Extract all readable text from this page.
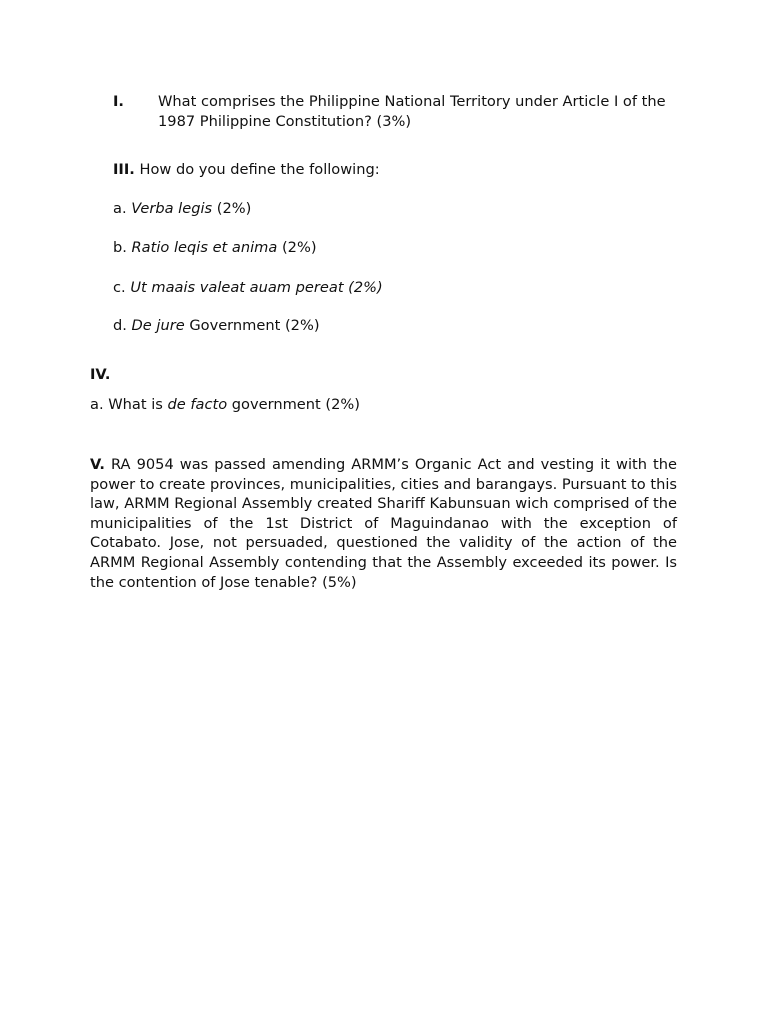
I. What comprises the Philippine National Territory under Article I of the 1987 Philippine Constitution? (3%)
III. How do you define the following:
a. Verba legis (2%)
b. Ratio leqis et anima (2%)
c. Ut maais valeat auam pereat (2%)
d. De jure Government (2%)
IV.
a. What is de facto government (2%)
V. RA 9054 was passed amending ARMM’s Organic Act and vesting it with the power to create provinces, municipalities, cities and barangays. Pursuant to this law, ARMM Regional Assembly created Shariff Kabunsuan wich comprised of the municipalities of the 1st District of Maguindanao with the exception of Cotabato. Jose, not persuaded, questioned the validity of the action of the ARMM Regional Assembly contending that the Assembly exceeded its power. Is the contention of Jose tenable? (5%)
